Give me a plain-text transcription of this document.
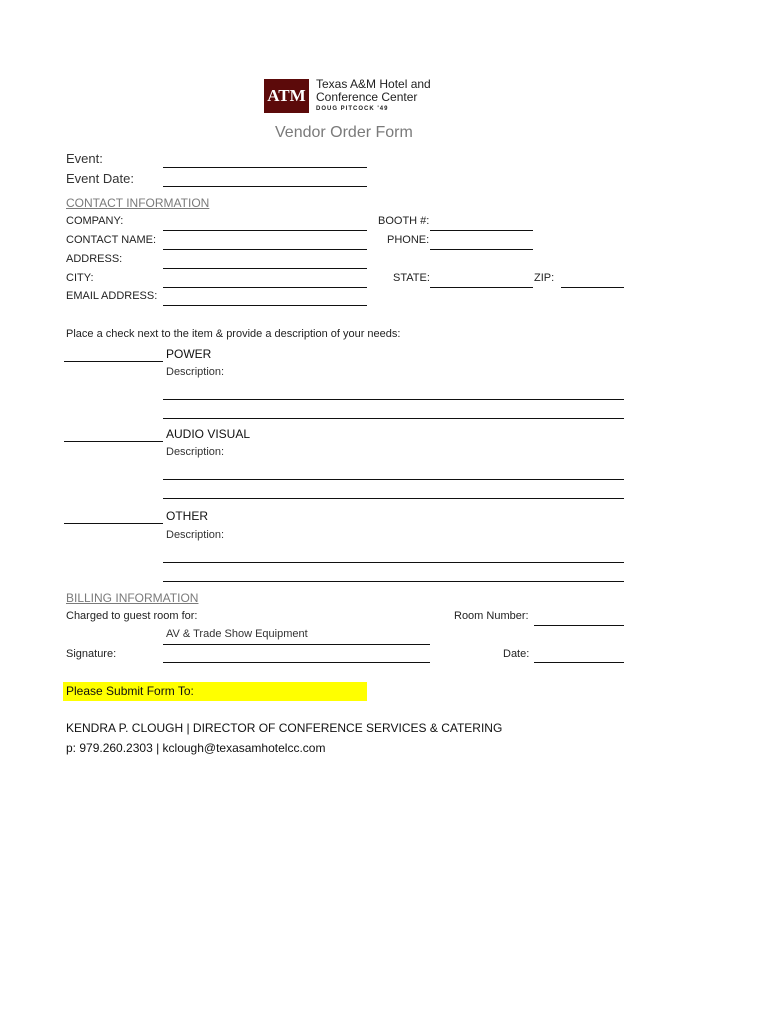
ATM
Texas A&M Hotel and
Conference Center
DOUG PITCOCK '49
Vendor Order Form
Event:
Event Date:
CONTACT INFORMATION
COMPANY:	BOOTH #:
CONTACT NAME:	PHONE:
ADDRESS:
CITY:	STATE:	ZIP:
EMAIL ADDRESS:
Place a check next to the item & provide a description of your needs:
POWER
Description:
AUDIO VISUAL
Description:
OTHER
Description:
BILLING INFORMATION
Charged to guest room for:	Room Number:
AV & Trade Show Equipment
Signature:	Date:
Please Submit Form To:
KENDRA P. CLOUGH | DIRECTOR OF CONFERENCE SERVICES & CATERING
p: 979.260.2303 | kclough@texasamhotelcc.com
